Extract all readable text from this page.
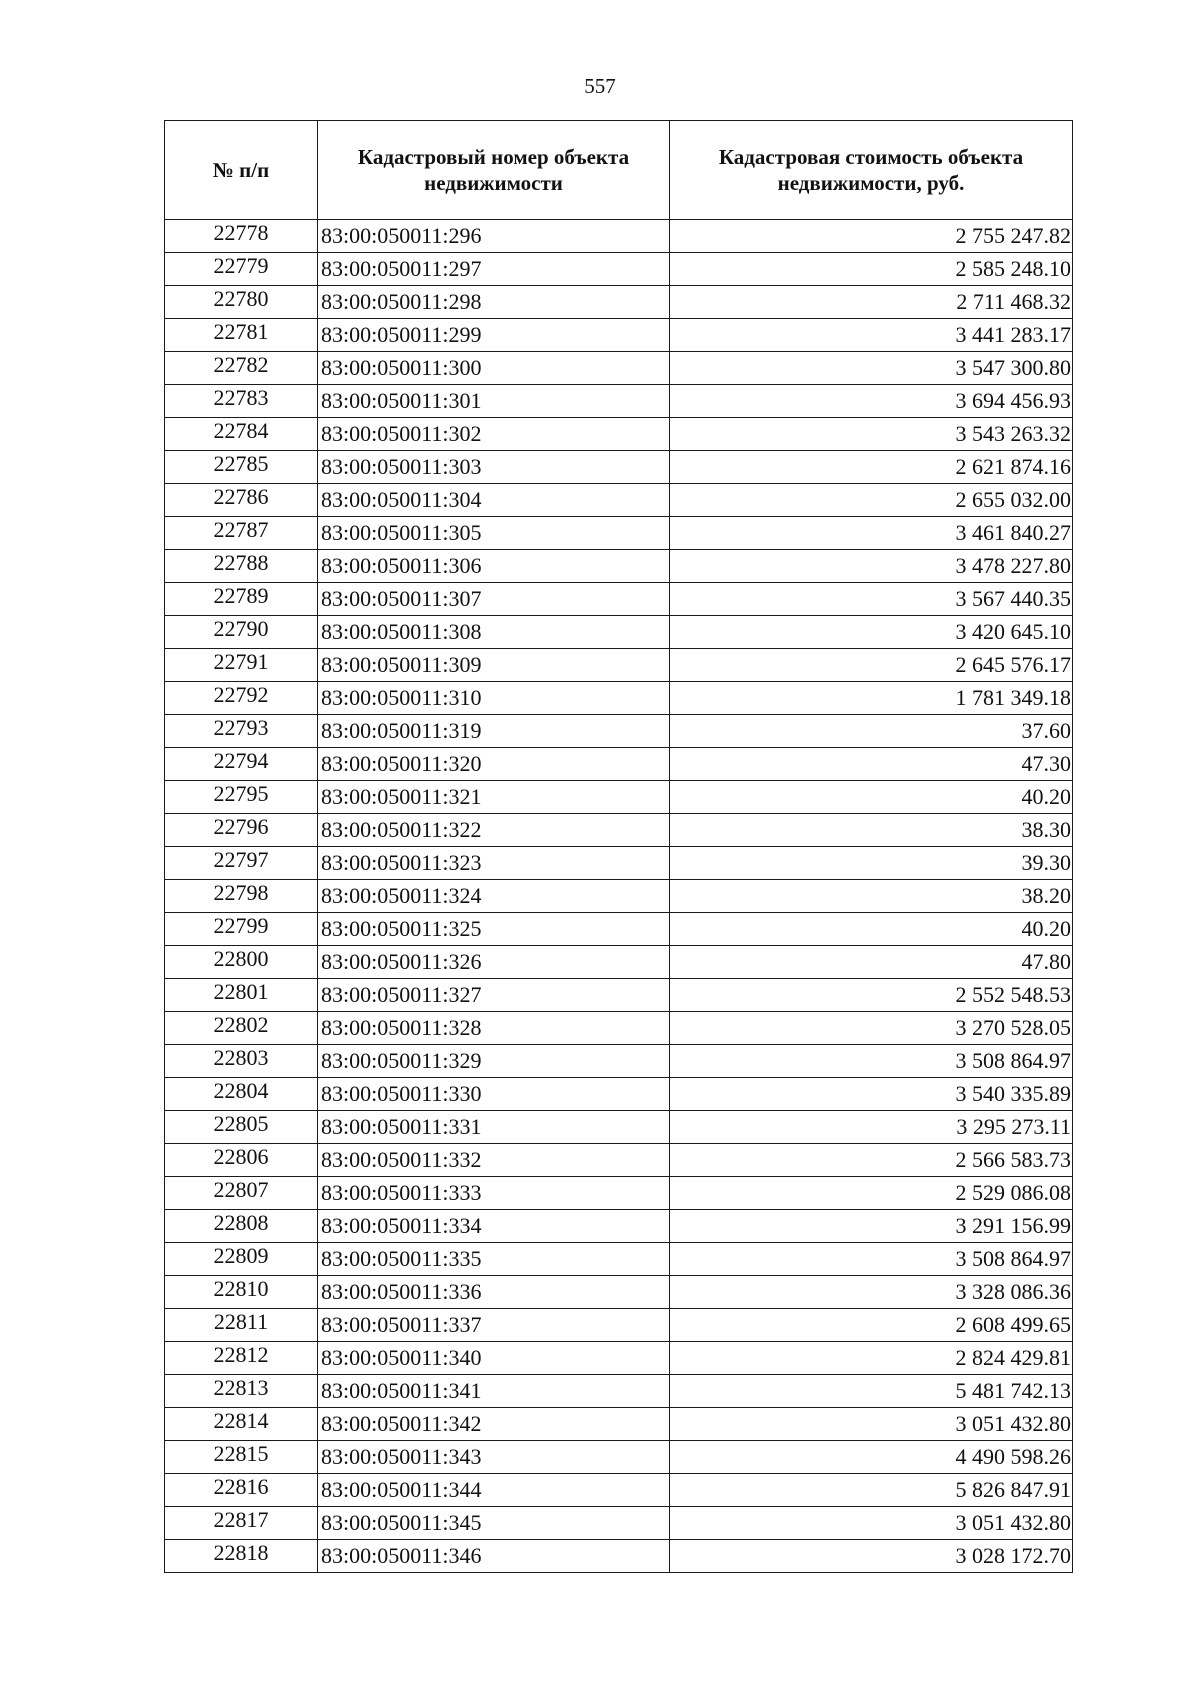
557
№ п/п	Кадастровый номер объекта недвижимости	Кадастровая стоимость объекта недвижимости, руб.
22778	83:00:050011:296	2 755 247.82
22779	83:00:050011:297	2 585 248.10
22780	83:00:050011:298	2 711 468.32
22781	83:00:050011:299	3 441 283.17
22782	83:00:050011:300	3 547 300.80
22783	83:00:050011:301	3 694 456.93
22784	83:00:050011:302	3 543 263.32
22785	83:00:050011:303	2 621 874.16
22786	83:00:050011:304	2 655 032.00
22787	83:00:050011:305	3 461 840.27
22788	83:00:050011:306	3 478 227.80
22789	83:00:050011:307	3 567 440.35
22790	83:00:050011:308	3 420 645.10
22791	83:00:050011:309	2 645 576.17
22792	83:00:050011:310	1 781 349.18
22793	83:00:050011:319	37.60
22794	83:00:050011:320	47.30
22795	83:00:050011:321	40.20
22796	83:00:050011:322	38.30
22797	83:00:050011:323	39.30
22798	83:00:050011:324	38.20
22799	83:00:050011:325	40.20
22800	83:00:050011:326	47.80
22801	83:00:050011:327	2 552 548.53
22802	83:00:050011:328	3 270 528.05
22803	83:00:050011:329	3 508 864.97
22804	83:00:050011:330	3 540 335.89
22805	83:00:050011:331	3 295 273.11
22806	83:00:050011:332	2 566 583.73
22807	83:00:050011:333	2 529 086.08
22808	83:00:050011:334	3 291 156.99
22809	83:00:050011:335	3 508 864.97
22810	83:00:050011:336	3 328 086.36
22811	83:00:050011:337	2 608 499.65
22812	83:00:050011:340	2 824 429.81
22813	83:00:050011:341	5 481 742.13
22814	83:00:050011:342	3 051 432.80
22815	83:00:050011:343	4 490 598.26
22816	83:00:050011:344	5 826 847.91
22817	83:00:050011:345	3 051 432.80
22818	83:00:050011:346	3 028 172.70
